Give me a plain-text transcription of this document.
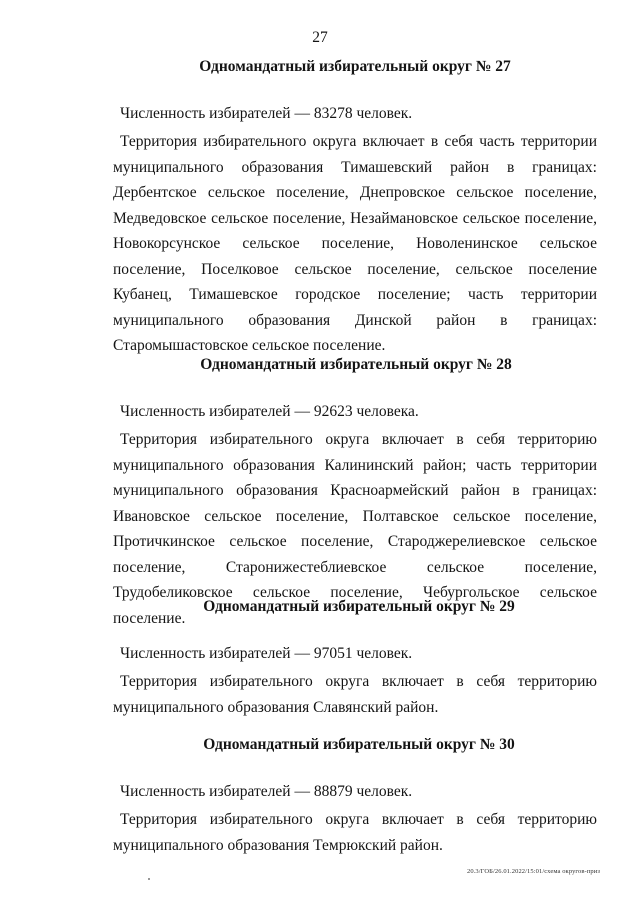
27
Одномандатный избирательный округ № 27

Численность избирателей — 83278 человек.

Территория избирательного округа включает в себя часть территории муниципального образования Тимашевский район в границах: Дербентское сельское поселение, Днепровское сельское поселение, Медведовское сельское поселение, Незаймановское сельское поселение, Новокорсунское сельское поселение, Новоленинское сельское поселение, Поселковое сельское поселение, сельское поселение Кубанец, Тимашевское городское поселение; часть территории муниципального образования Динской район в границах: Старомышастовское сельское поселение.

Одномандатный избирательный округ № 28

Численность избирателей — 92623 человека.

Территория избирательного округа включает в себя территорию муниципального образования Калининский район; часть территории муниципального образования Красноармейский район в границах: Ивановское сельское поселение, Полтавское сельское поселение, Протичкинское сельское поселение, Староджерелиевское сельское поселение, Старонижестеблиевское сельское поселение, Трудобеликовское сельское поселение, Чебургольское сельское поселение.

Одномандатный избирательный округ № 29

Численность избирателей — 97051 человек.

Территория избирательного округа включает в себя территорию муниципального образования Славянский район.

Одномандатный избирательный округ № 30

Численность избирателей — 88879 человек.

Территория избирательного округа включает в себя территорию муниципального образования Темрюкский район.

20.3/ГОБ/26.01.2022/15:01/схема округов-приз
